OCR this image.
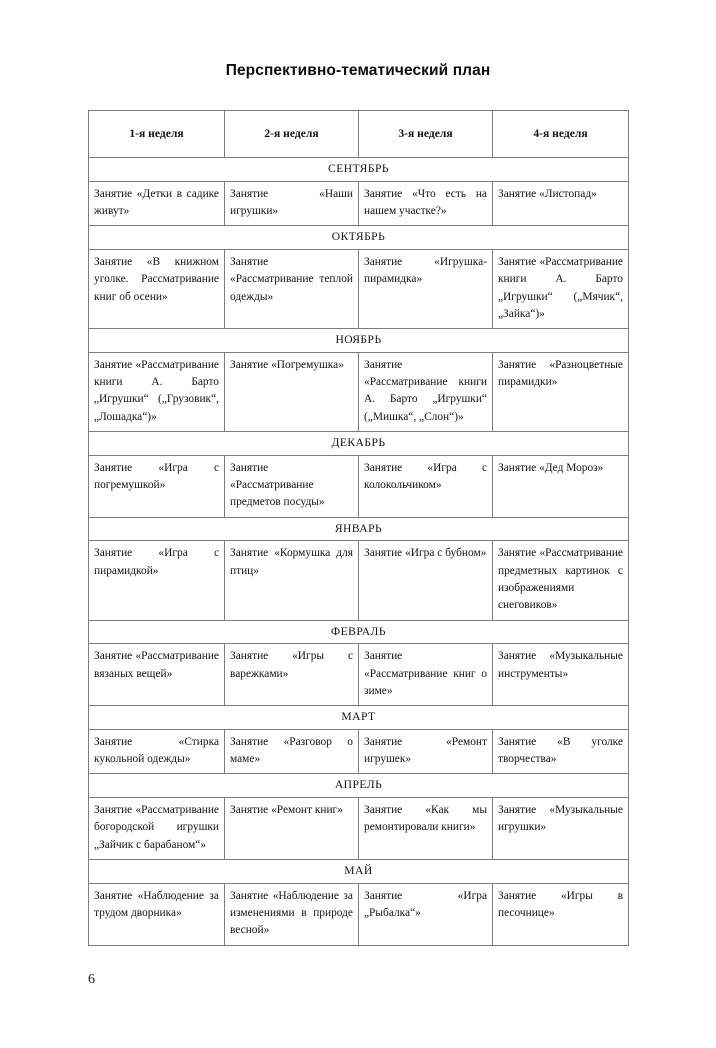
Перспективно-тематический план
1-я неделя	2-я неделя	3-я неделя	4-я неделя
СЕНТЯБРЬ			

Занятие «Детки в садике живут»	Занятие «Наши игрушки»	Занятие «Что есть на нашем участке?»	Занятие «Листопад»

ОКТЯБРЬ			

Занятие «В книжном уголке. Рассматривание книг об осени»	Занятие «Рассматривание теплой одежды»	Занятие «Игрушка-пирамидка»	Занятие «Рассматривание книги А. Барто „Игрушки“ („Мячик“, „Зайка“)»

НОЯБРЬ			

Занятие «Рассматривание книги А. Барто „Игрушки“ („Грузовик“, „Лошадка“)»	Занятие «Погремушка»	Занятие «Рассматривание книги А. Барто „Игрушки“ („Мишка“, „Слон“)»	Занятие «Разноцветные пирамидки»

ДЕКАБРЬ			

Занятие «Игра с погремушкой»	Занятие «Рассматривание предметов посуды»	Занятие «Игра с колокольчиком»	Занятие «Дед Мороз»

ЯНВАРЬ			

Занятие «Игра с пирамидкой»	Занятие «Кормушка для птиц»	Занятие «Игра с бубном»	Занятие «Рассматривание предметных картинок с изображениями снеговиков»

ФЕВРАЛЬ			

Занятие «Рассматривание вязаных вещей»	Занятие «Игры с варежками»	Занятие «Рассматривание книг о зиме»	Занятие «Музыкальные инструменты»

МАРТ			

Занятие «Стирка кукольной одежды»	Занятие «Разговор о маме»	Занятие «Ремонт игрушек»	Занятие «В уголке творчества»

АПРЕЛЬ			

Занятие «Рассматривание богородской игрушки „Зайчик с барабаном“»	Занятие «Ремонт книг»	Занятие «Как мы ремонтировали книги»	Занятие «Музыкальные игрушки»

МАЙ			

Занятие «Наблюдение за трудом дворника»	Занятие «Наблюдение за изменениями в природе весной»	Занятие «Игра „Рыбалка“»	Занятие «Игры в песочнице»
6
